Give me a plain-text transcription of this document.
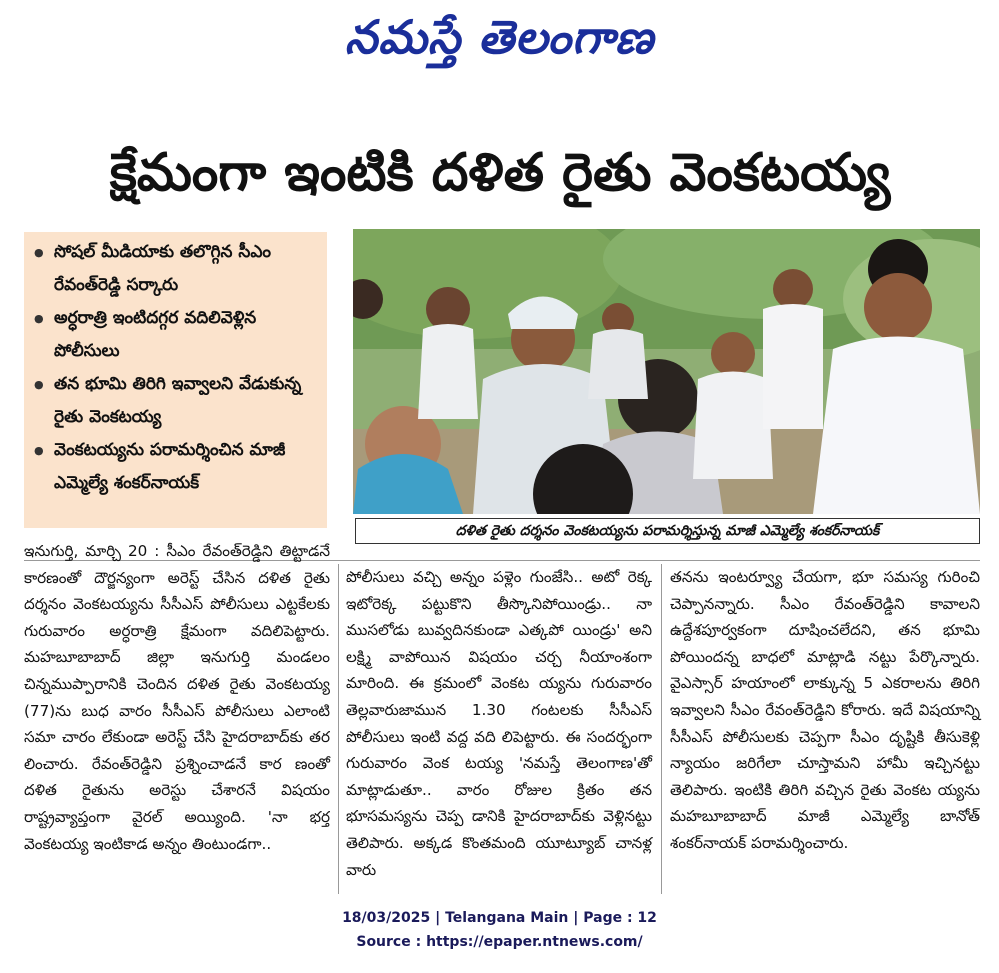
నమస్తే తెలంగాణ
క్షేమంగా ఇంటికి దళిత రైతు వెంకటయ్య
● సోషల్ మీడియాకు తలొగ్గిన సీఎం రేవంత్‌రెడ్డి సర్కారు
● అర్ధరాత్రి ఇంటిదగ్గర వదిలివెళ్లిన పోలీసులు
● తన భూమి తిరిగి ఇవ్వాలని వేడుకున్న రైతు వెంకటయ్య
● వెంకటయ్యను పరామర్శించిన మాజీ ఎమ్మెల్యే శంకర్‌నాయక్
దళిత రైతు దర్శనం వెంకటయ్యను పరామర్శిస్తున్న మాజీ ఎమ్మెల్యే శంకర్‌నాయక్
ఇనుగుర్తి, మార్చి 20 : సీఎం రేవంత్‌రెడ్డిని తిట్టాడనే కారణంతో దౌర్జన్యంగా అరెస్ట్ చేసిన దళిత రైతు దర్శనం వెంకటయ్యను సీసీఎస్ పోలీసులు ఎట్టకేలకు గురువారం అర్ధరాత్రి క్షేమంగా వదిలిపెట్టారు. మహబూబాబాద్ జిల్లా ఇనుగుర్తి మండలం చిన్నముప్పారానికి చెందిన దళిత రైతు వెంకటయ్య (77)ను బుధ వారం సీసీఎస్ పోలీసులు ఎలాంటి సమా చారం లేకుండా అరెస్ట్ చేసి హైదరాబాద్‌కు తర లించారు. రేవంత్‌రెడ్డిని ప్రశ్నించాడనే కార ణంతో దళిత రైతును అరెస్టు చేశారనే విషయం రాష్ట్రవ్యాప్తంగా వైరల్ అయ్యింది. 'నా భర్త వెంకటయ్య ఇంటికాడ అన్నం తింటుండగా..
పోలీసులు వచ్చి అన్నం పళ్లెం గుంజేసి.. అటో రెక్క ఇటోరెక్క పట్టుకొని తీస్కొనిపోయిండ్రు.. నా ముసలోడు బువ్వదినకుండా ఎత్కపో యిండ్రు' అని లక్ష్మి వాపోయిన విషయం చర్చ నీయాంశంగా మారింది. ఈ క్రమంలో వెంకట య్యను గురువారం తెల్లవారుజామున 1.30 గంటలకు సీసీఎస్ పోలీసులు ఇంటి వద్ద వది లిపెట్టారు. ఈ సందర్భంగా గురువారం వెంక టయ్య 'నమస్తే తెలంగాణ'తో మాట్లాడుతూ.. వారం రోజుల క్రితం తన భూసమస్యను చెప్ప డానికి హైదరాబాద్‌కు వెళ్లినట్టు తెలిపారు. అక్కడ కొంతమంది యూట్యూబ్ చానళ్ల వారు
తనను ఇంటర్వ్యూ చేయగా, భూ సమస్య గురించి చెప్పానన్నారు. సీఎం రేవంత్‌రెడ్డిని కావాలని ఉద్దేశపూర్వకంగా దూషించలేదని, తన భూమి పోయిందన్న బాధలో మాట్లాడి నట్టు పేర్కొన్నారు. వైఎస్సార్ హయాంలో లాక్కున్న 5 ఎకరాలను తిరిగి ఇవ్వాలని సీఎం రేవంత్‌రెడ్డిని కోరారు. ఇదే విషయాన్ని సీసీఎస్ పోలీసులకు చెప్పగా సీఎం దృష్టికి తీసుకెళ్లి న్యాయం జరిగేలా చూస్తామని హామీ ఇచ్చినట్టు తెలిపారు. ఇంటికి తిరిగి వచ్చిన రైతు వెంకట య్యను మహబూబాబాద్ మాజీ ఎమ్మెల్యే బానోత్ శంకర్‌నాయక్ పరామర్శించారు.
18/03/2025 | Telangana Main | Page : 12
Source : https://epaper.ntnews.com/
